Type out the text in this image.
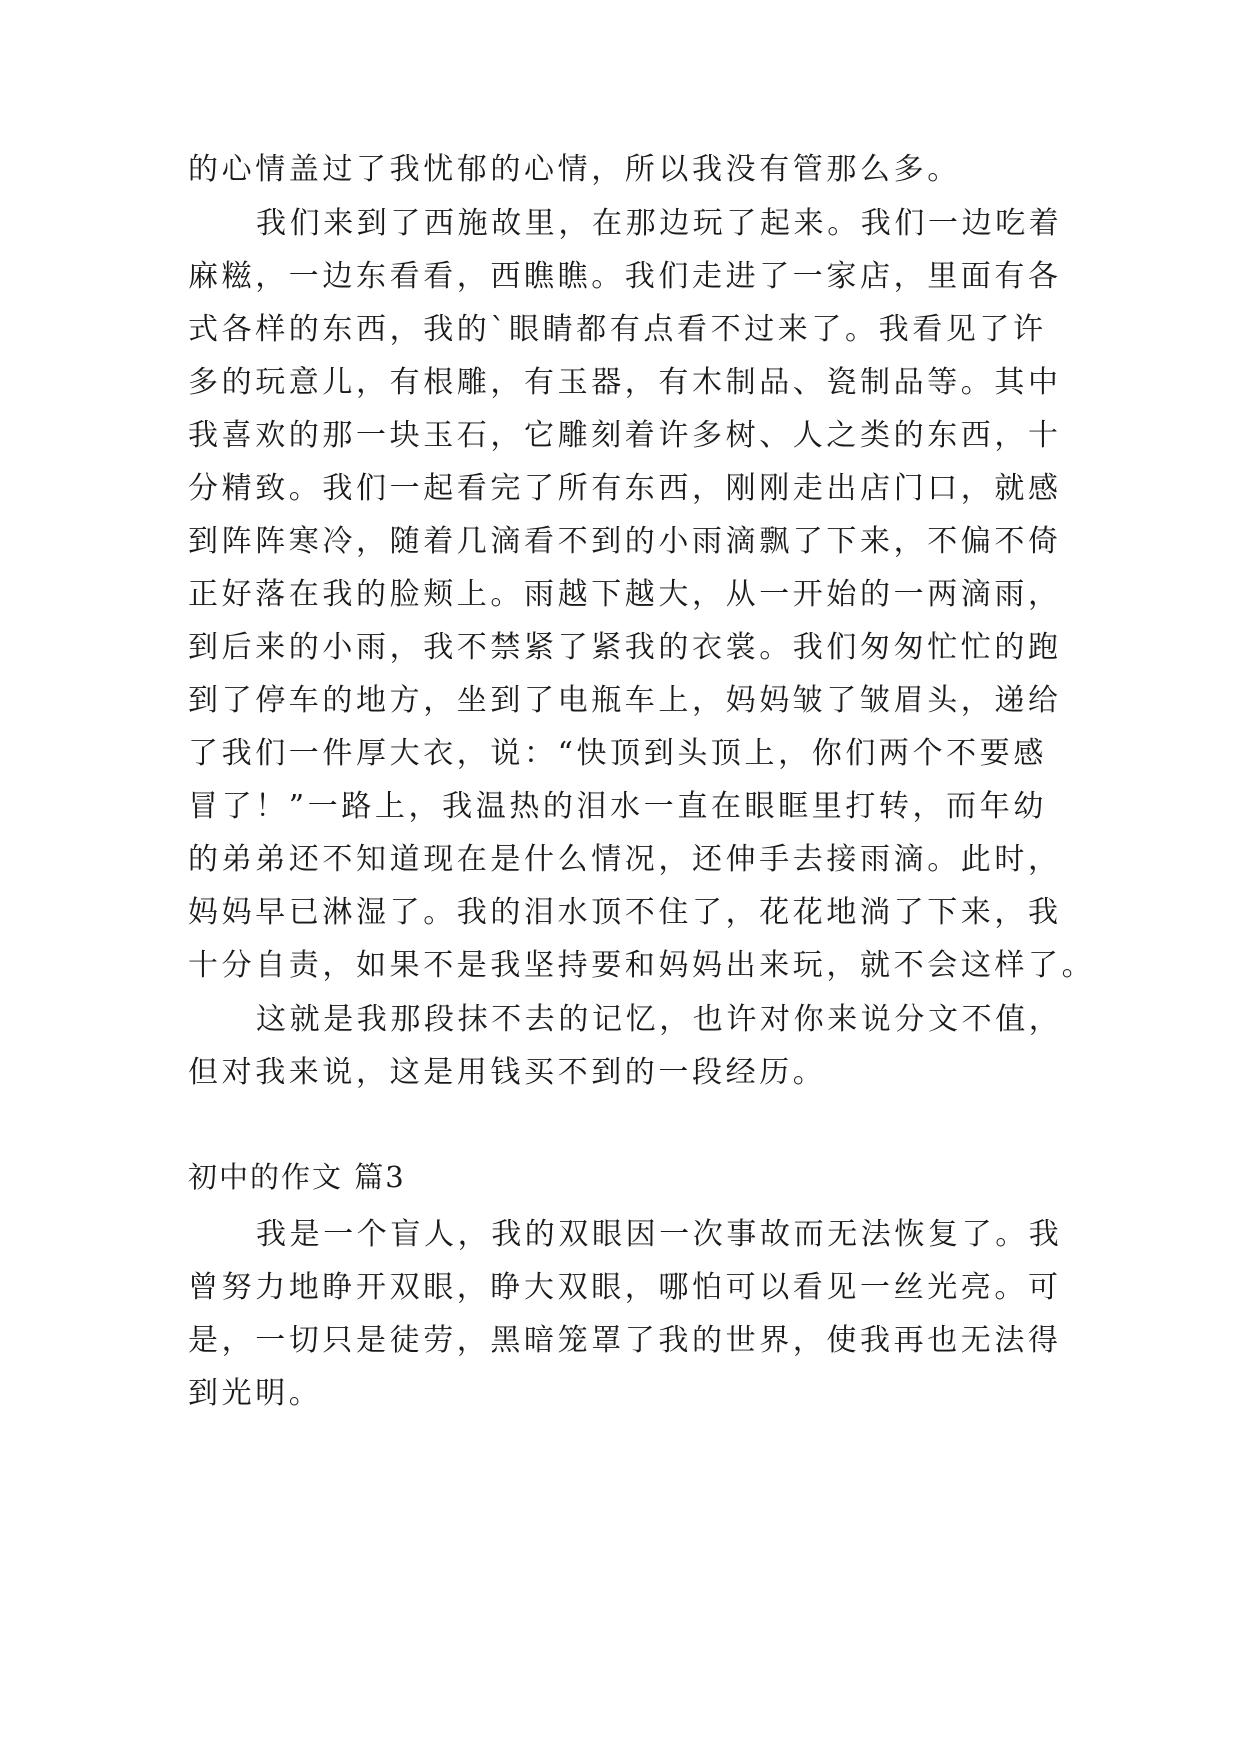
的心情盖过了我忧郁的心情，所以我没有管那么多。
我们来到了西施故里，在那边玩了起来。我们一边吃着
麻糍，一边东看看，西瞧瞧。我们走进了一家店，里面有各
式各样的东西，我的`眼睛都有点看不过来了。我看见了许
多的玩意儿，有根雕，有玉器，有木制品、瓷制品等。其中
我喜欢的那一块玉石，它雕刻着许多树、人之类的东西，十
分精致。我们一起看完了所有东西，刚刚走出店门口，就感
到阵阵寒冷，随着几滴看不到的小雨滴飘了下来，不偏不倚
正好落在我的脸颊上。雨越下越大，从一开始的一两滴雨，
到后来的小雨，我不禁紧了紧我的衣裳。我们匆匆忙忙的跑
到了停车的地方，坐到了电瓶车上，妈妈皱了皱眉头，递给
了我们一件厚大衣，说：“快顶到头顶上，你们两个不要感
冒了！”一路上，我温热的泪水一直在眼眶里打转，而年幼
的弟弟还不知道现在是什么情况，还伸手去接雨滴。此时，
妈妈早已淋湿了。我的泪水顶不住了，花花地淌了下来，我
十分自责，如果不是我坚持要和妈妈出来玩，就不会这样了。
这就是我那段抹不去的记忆，也许对你来说分文不值，
但对我来说，这是用钱买不到的一段经历。
初中的作文 篇3
我是一个盲人，我的双眼因一次事故而无法恢复了。我
曾努力地睁开双眼，睁大双眼，哪怕可以看见一丝光亮。可
是，一切只是徒劳，黑暗笼罩了我的世界，使我再也无法得
到光明。
